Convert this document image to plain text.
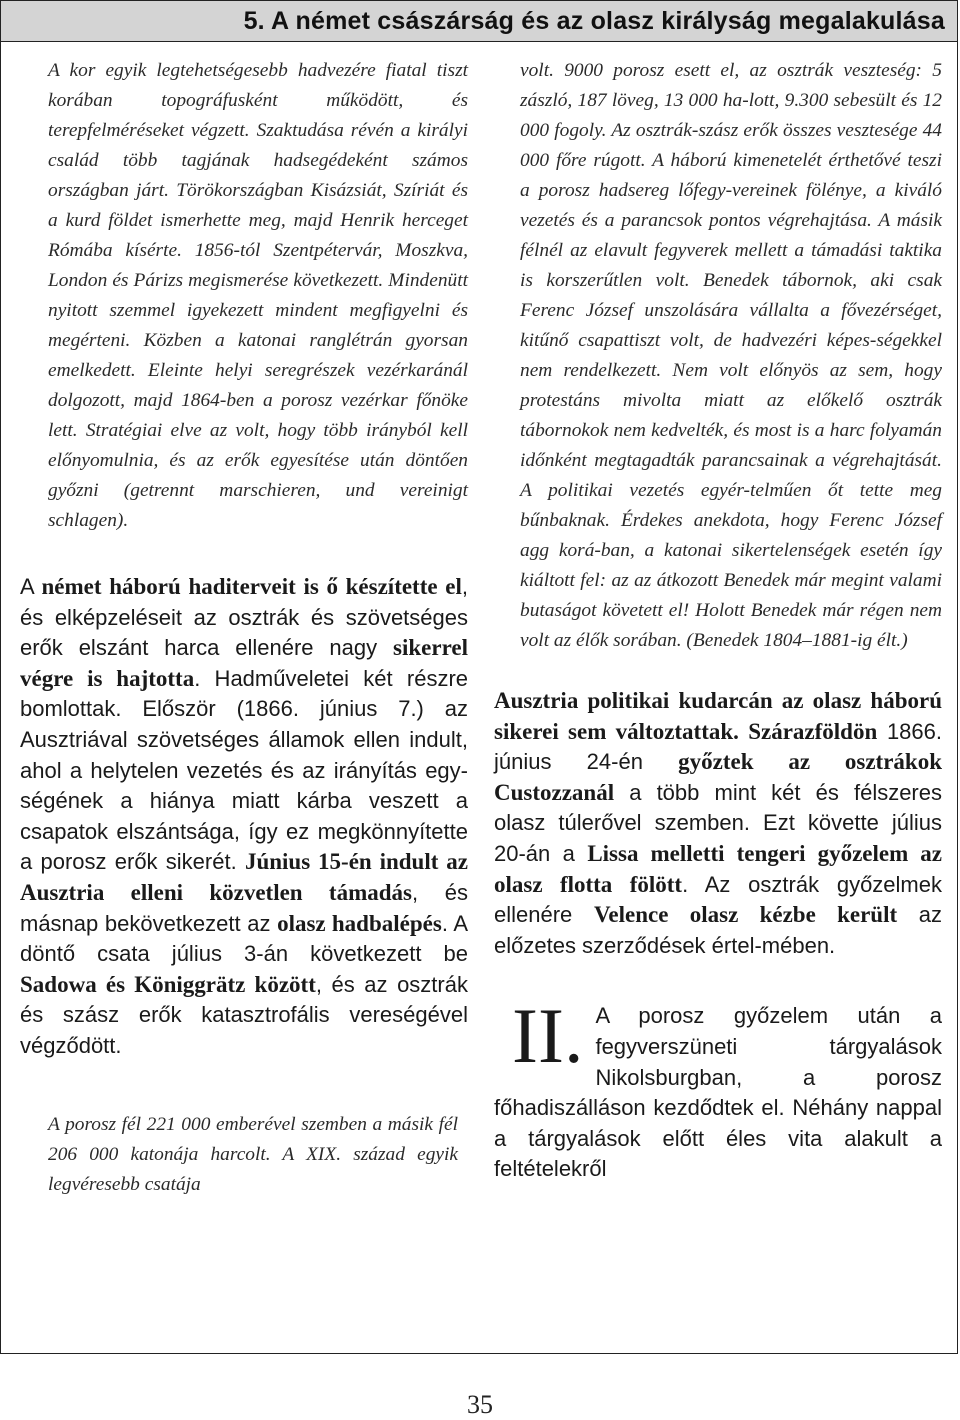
5. A német császárság és az olasz királyság megalakulása
A kor egyik legtehetségesebb hadvezére fiatal tiszt korában topográfusként működött, és terepfelméréseket végzett. Szaktudása révén a királyi család több tagjának hadsegédeként számos országban járt. Törökországban Kisázsiát, Szíriát és a kurd földet ismerhette meg, majd Henrik herceget Rómába kísérte. 1856-tól Szentpétervár, Moszkva, London és Párizs megismerése következett. Mindenütt nyitott szemmel igyekezett mindent megfigyelni és megérteni. Közben a katonai ranglétrán gyorsan emelkedett. Eleinte helyi seregrészek vezérkaránál dolgozott, majd 1864-ben a porosz vezérkar főnöke lett. Stratégiai elve az volt, hogy több irányból kell előnyomulnia, és az erők egyesítése után döntően győzni (getrennt marschieren, und vereinigt schlagen).
A német háború haditerveit is ő készítette el, és elképzeléseit az osztrák és szövetséges erők elszánt harca ellenére nagy sikerrel végre is hajtotta. Hadműveletei két részre bomlottak. Először (1866. június 7.) az Ausztriával szövetséges államok ellen indult, ahol a helytelen vezetés és az irányítás egy-ségének a hiánya miatt kárba veszett a csapatok elszántsága, így ez megkönnyítette a porosz erők sikerét. Június 15-én indult az Ausztria elleni közvetlen támadás, és másnap bekövetkezett az olasz hadbalépés. A döntő csata július 3-án következett be Sadowa és Königgrätz között, és az osztrák és szász erők katasztrofális vereségével végződött.
A porosz fél 221 000 emberével szemben a másik fél 206 000 katonája harcolt. A XIX. század egyik legvéresebb csatája
volt. 9000 porosz esett el, az osztrák veszteség: 5 zászló, 187 löveg, 13 000 ha-lott, 9.300 sebesült és 12 000 fogoly. Az osztrák-szász erők összes vesztesége 44 000 főre rúgott. A háború kimenetelét érthetővé teszi a porosz hadsereg lőfegy-vereinek fölénye, a kiváló vezetés és a parancsok pontos végrehajtása. A másik félnél az elavult fegyverek mellett a támadási taktika is korszerűtlen volt. Benedek tábornok, aki csak Ferenc József unszolására vállalta a fővezérséget, kitűnő csapattiszt volt, de hadvezéri képes-ségekkel nem rendelkezett. Nem volt előnyös az sem, hogy protestáns mivolta miatt az előkelő osztrák tábornokok nem kedvelték, és most is a harc folyamán időnként megtagadták parancsainak a végrehajtását. A politikai vezetés egyér-telműen őt tette meg bűnbaknak. Érdekes anekdota, hogy Ferenc József agg korá-ban, a katonai sikertelenségek esetén így kiáltott fel: az az átkozott Benedek már megint valami butaságot követett el! Holott Benedek már régen nem volt az élők sorában. (Benedek 1804–1881-ig élt.)
Ausztria politikai kudarcán az olasz háború sikerei sem változtattak. Szárazföldön 1866. június 24-én győztek az osztrákok Custozzanál a több mint két és félszeres olasz túlerővel szemben. Ezt követte július 20-án a Lissa melletti tengeri győzelem az olasz flotta fölött. Az osztrák győzelmek ellenére Velence olasz kézbe került az előzetes szerződések értel-mében.
II. A porosz győzelem után a fegyverszüneti tárgyalások Nikolsburgban, a porosz főhadiszálláson kezdődtek el. Néhány nappal a tárgyalások előtt éles vita alakult a feltételekről
35
